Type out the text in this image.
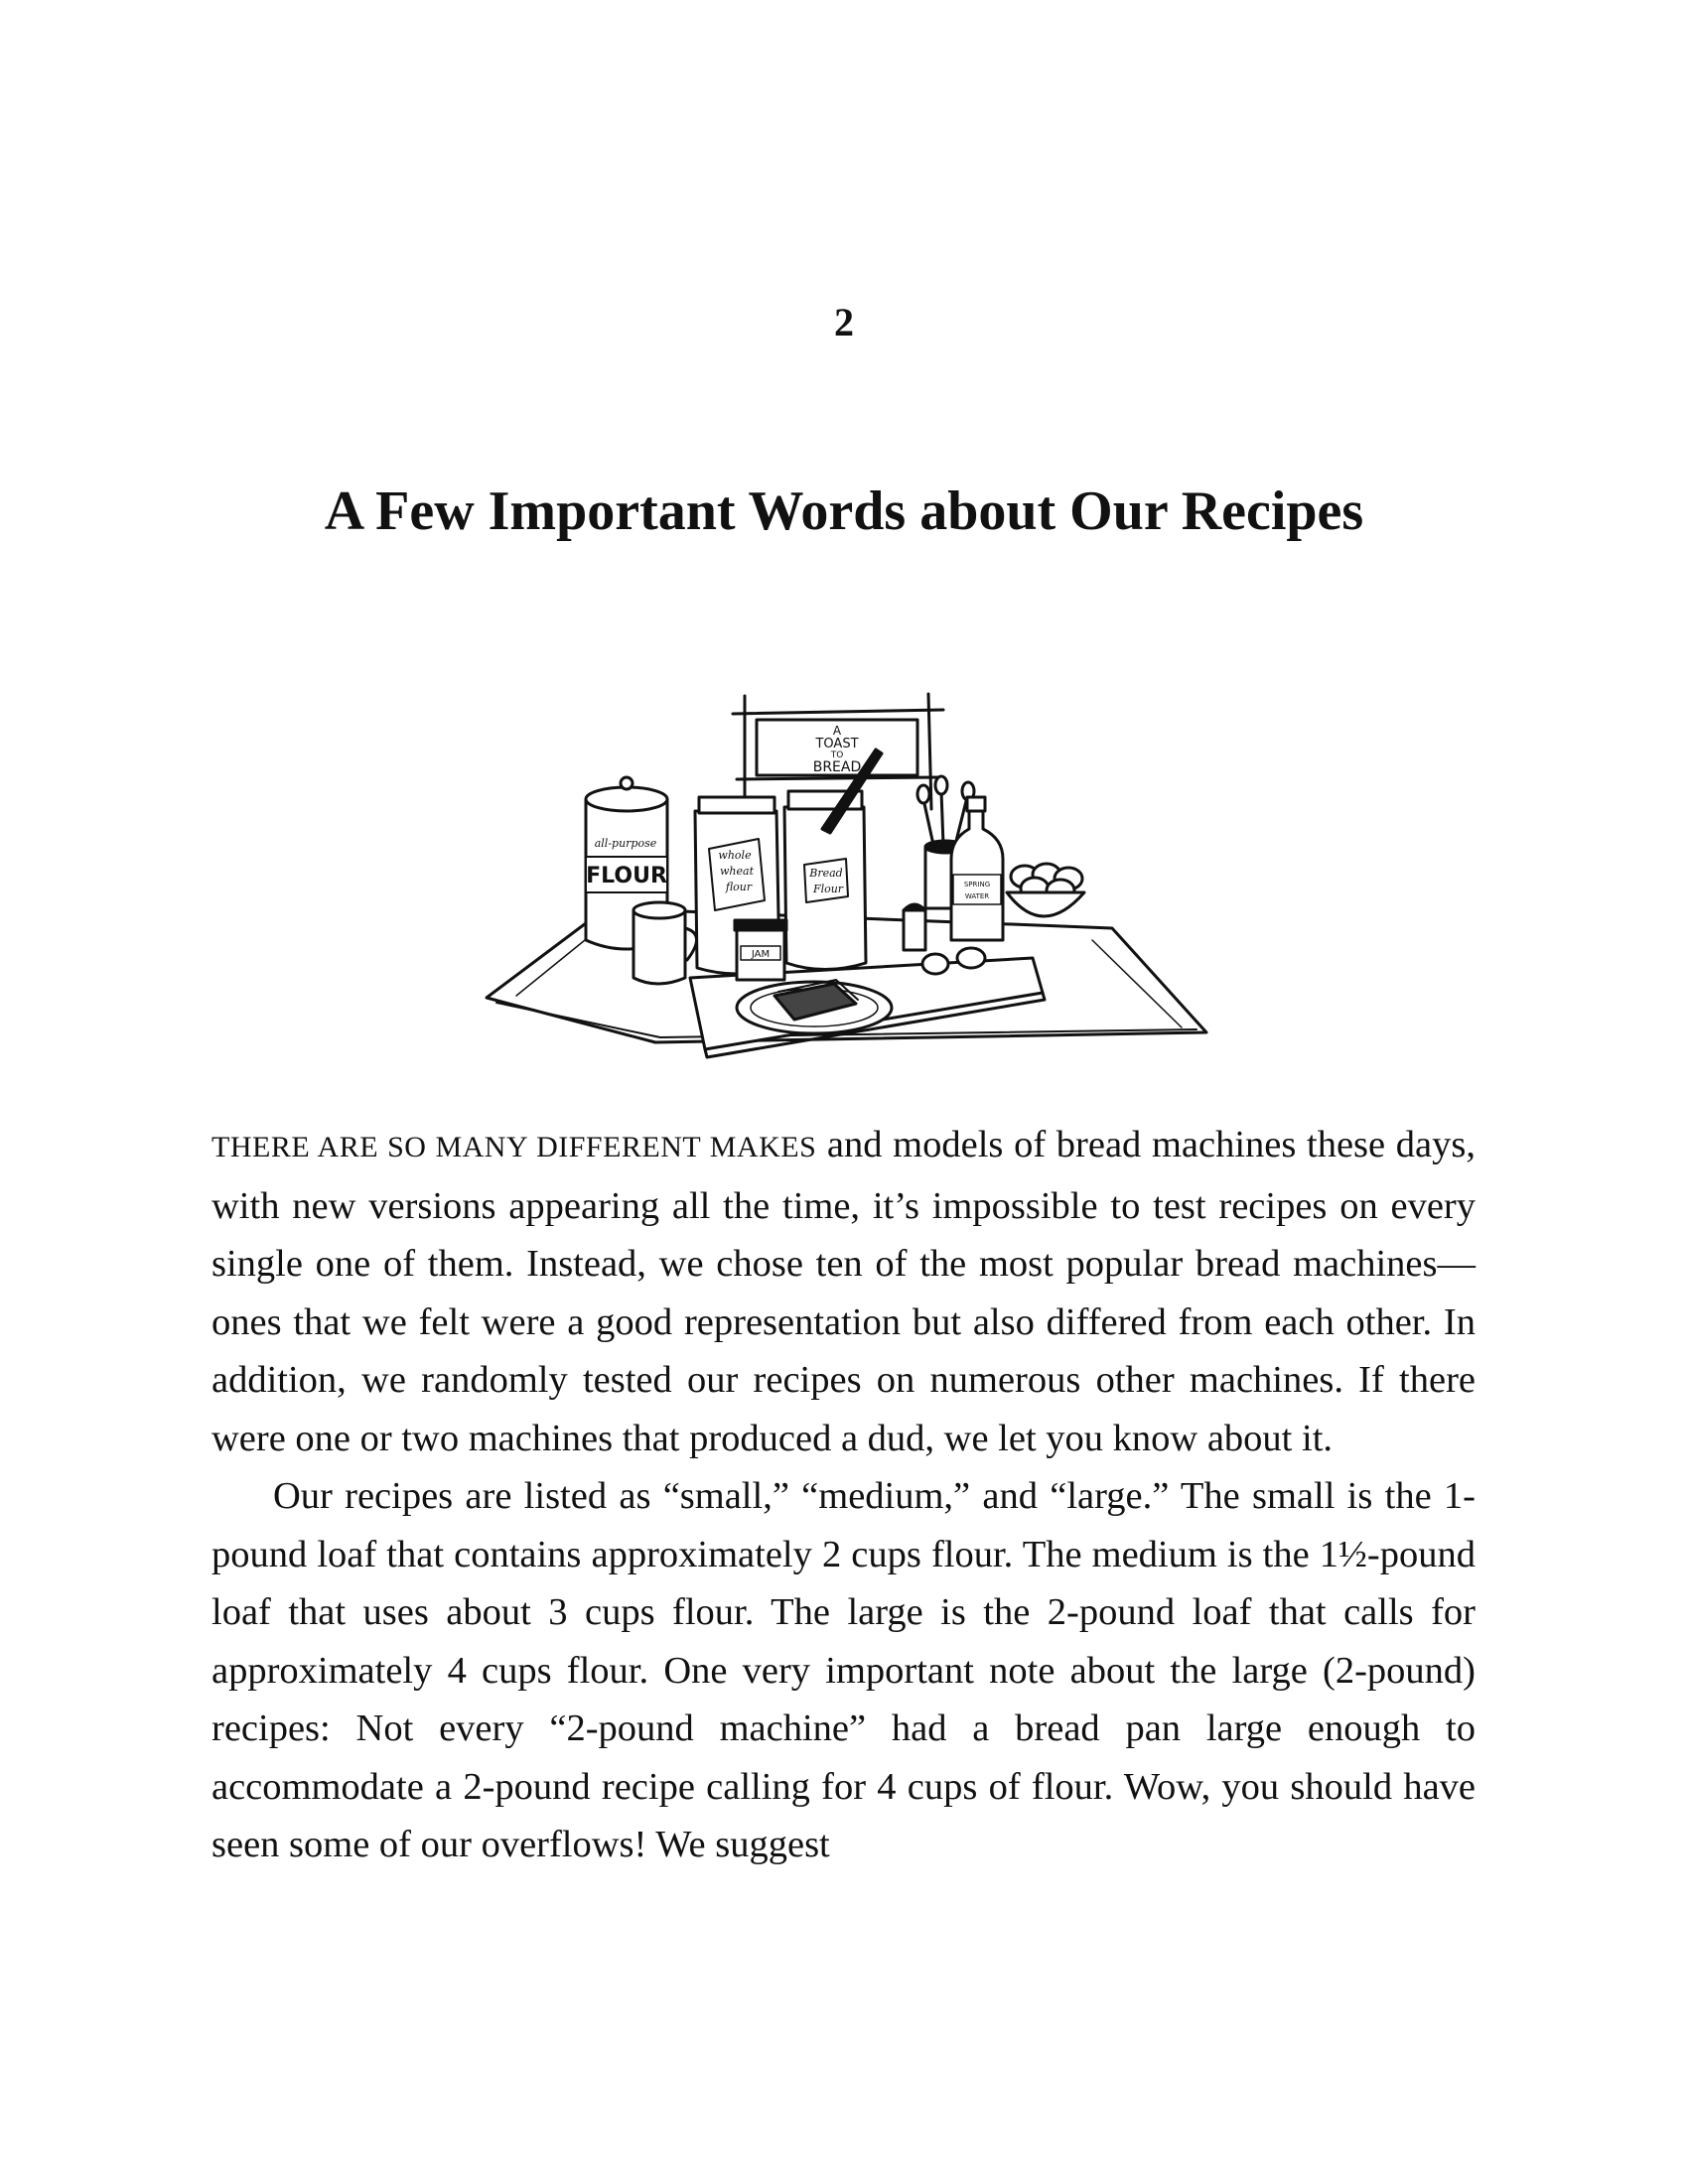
2
A Few Important Words about Our Recipes
A
TOAST
TO
BREAD
all-purpose
FLOUR
whole
wheat
flour
Bread
Flour
JAM
SPRING
WATER

THERE ARE SO MANY DIFFERENT MAKES and models of bread machines these days, with new versions appearing all the time, it’s impossible to test recipes on every single one of them. Instead, we chose ten of the most popular bread machines—ones that we felt were a good representation but also differed from each other. In addition, we randomly tested our recipes on numerous other machines. If there were one or two machines that produced a dud, we let you know about it.

Our recipes are listed as “small,” “medium,” and “large.” The small is the 1-pound loaf that contains approximately 2 cups flour. The medium is the 1½-pound loaf that uses about 3 cups flour. The large is the 2-pound loaf that calls for approximately 4 cups flour. One very important note about the large (2-pound) recipes: Not every “2-pound machine” had a bread pan large enough to accommodate a 2-pound recipe calling for 4 cups of flour. Wow, you should have seen some of our overflows! We suggest
